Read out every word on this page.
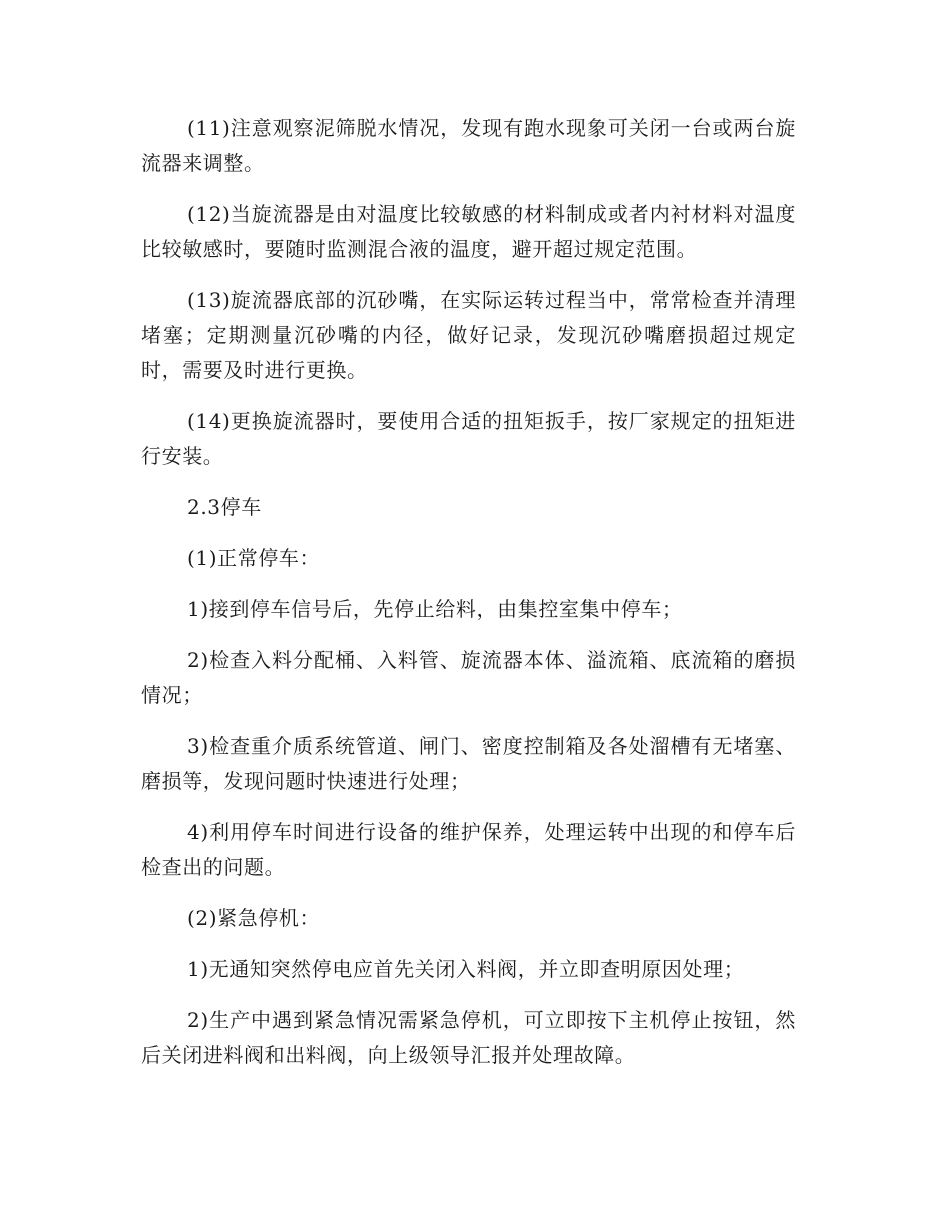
(11)注意观察泥筛脱水情况，发现有跑水现象可关闭一台或两台旋流器来调整。

(12)当旋流器是由对温度比较敏感的材料制成或者内衬材料对温度比较敏感时，要随时监测混合液的温度，避开超过规定范围。

(13)旋流器底部的沉砂嘴，在实际运转过程当中，常常检查并清理堵塞；定期测量沉砂嘴的内径，做好记录，发现沉砂嘴磨损超过规定时，需要及时进行更换。

(14)更换旋流器时，要使用合适的扭矩扳手，按厂家规定的扭矩进行安装。

2.3停车

(1)正常停车：

1)接到停车信号后，先停止给料，由集控室集中停车；

2)检查入料分配桶、入料管、旋流器本体、溢流箱、底流箱的磨损情况；

3)检查重介质系统管道、闸门、密度控制箱及各处溜槽有无堵塞、磨损等，发现问题时快速进行处理；

4)利用停车时间进行设备的维护保养，处理运转中出现的和停车后检查出的问题。

(2)紧急停机：

1)无通知突然停电应首先关闭入料阀，并立即查明原因处理；

2)生产中遇到紧急情况需紧急停机，可立即按下主机停止按钮，然后关闭进料阀和出料阀，向上级领导汇报并处理故障。
